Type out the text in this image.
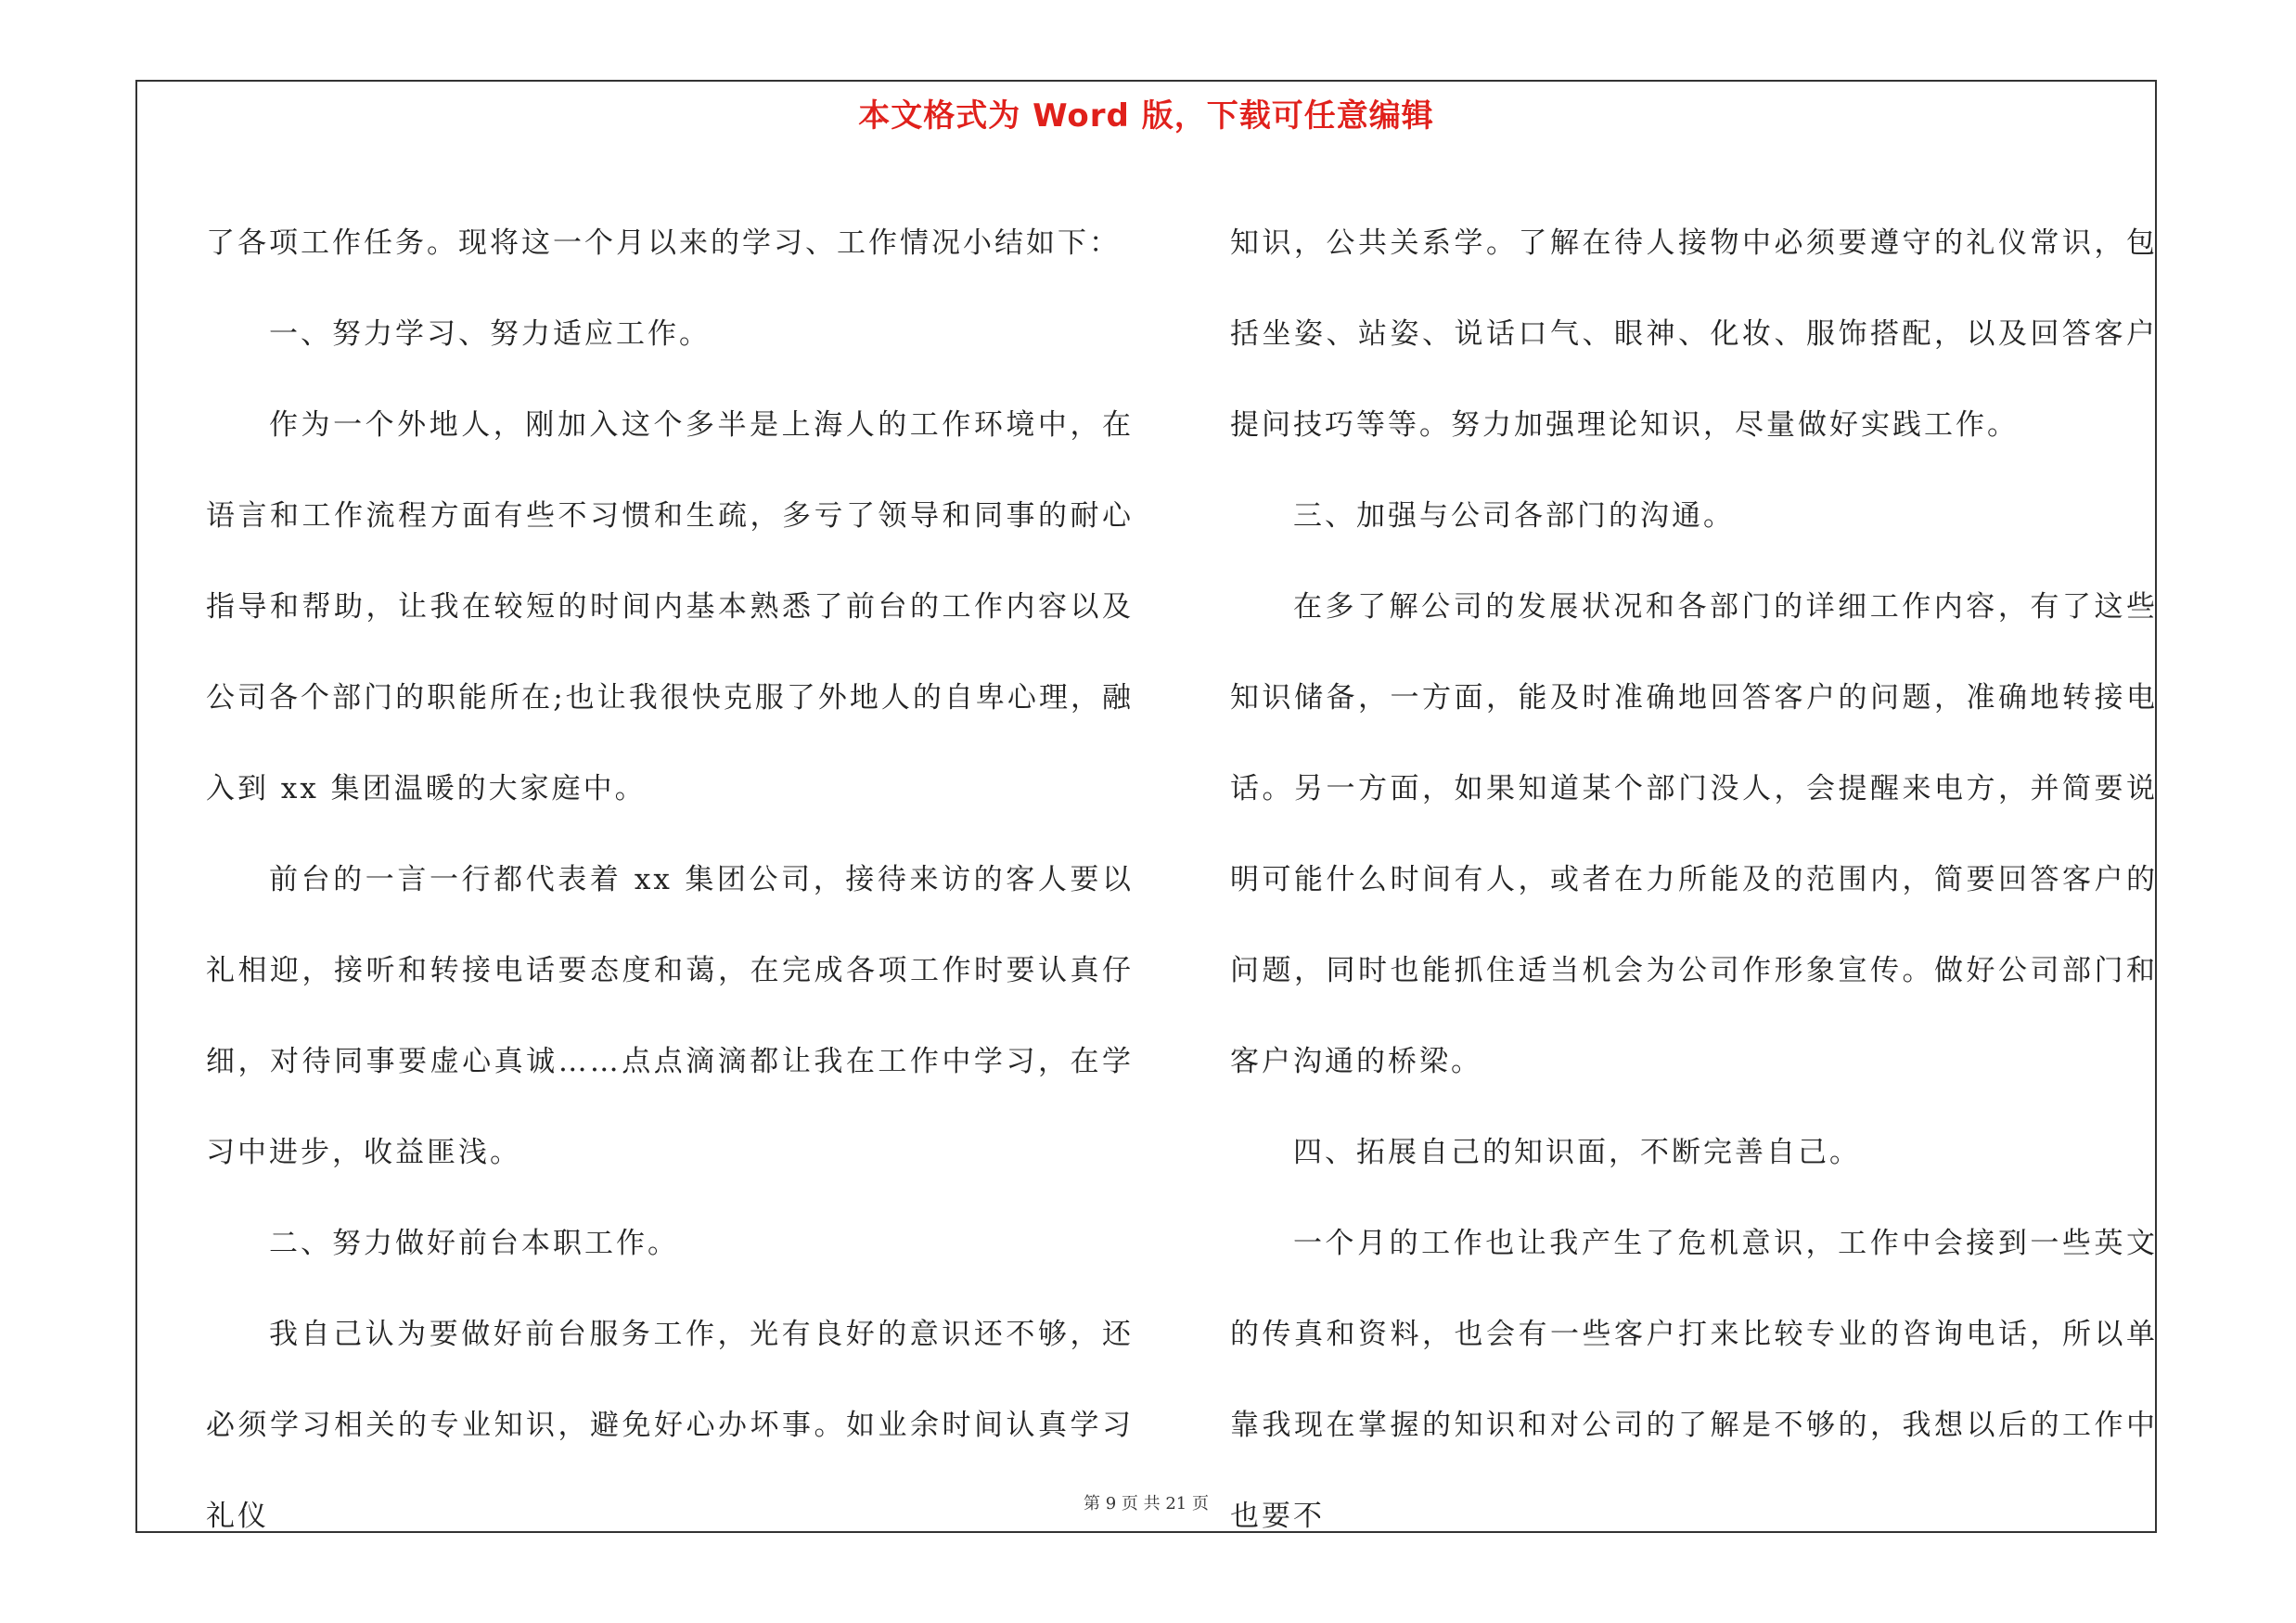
本文格式为 Word 版，下载可任意编辑

了各项工作任务。现将这一个月以来的学习、工作情况小结如下：

一、努力学习、努力适应工作。

作为一个外地人，刚加入这个多半是上海人的工作环境中，在语言和工作流程方面有些不习惯和生疏，多亏了领导和同事的耐心指导和帮助，让我在较短的时间内基本熟悉了前台的工作内容以及公司各个部门的职能所在;也让我很快克服了外地人的自卑心理，融入到 xx 集团温暖的大家庭中。

前台的一言一行都代表着 xx 集团公司，接待来访的客人要以礼相迎，接听和转接电话要态度和蔼，在完成各项工作时要认真仔细，对待同事要虚心真诚……点点滴滴都让我在工作中学习，在学习中进步，收益匪浅。

二、努力做好前台本职工作。

我自己认为要做好前台服务工作，光有良好的意识还不够，还必须学习相关的专业知识，避免好心办坏事。如业余时间认真学习礼仪

知识，公共关系学。了解在待人接物中必须要遵守的礼仪常识，包括坐姿、站姿、说话口气、眼神、化妆、服饰搭配，以及回答客户提问技巧等等。努力加强理论知识，尽量做好实践工作。

三、加强与公司各部门的沟通。

在多了解公司的发展状况和各部门的详细工作内容，有了这些知识储备，一方面，能及时准确地回答客户的问题，准确地转接电话。另一方面，如果知道某个部门没人，会提醒来电方，并简要说明可能什么时间有人，或者在力所能及的范围内，简要回答客户的问题，同时也能抓住适当机会为公司作形象宣传。做好公司部门和客户沟通的桥梁。

四、拓展自己的知识面，不断完善自己。

一个月的工作也让我产生了危机意识，工作中会接到一些英文的传真和资料，也会有一些客户打来比较专业的咨询电话，所以单靠我现在掌握的知识和对公司的了解是不够的，我想以后的工作中也要不

第 9 页 共 21 页
